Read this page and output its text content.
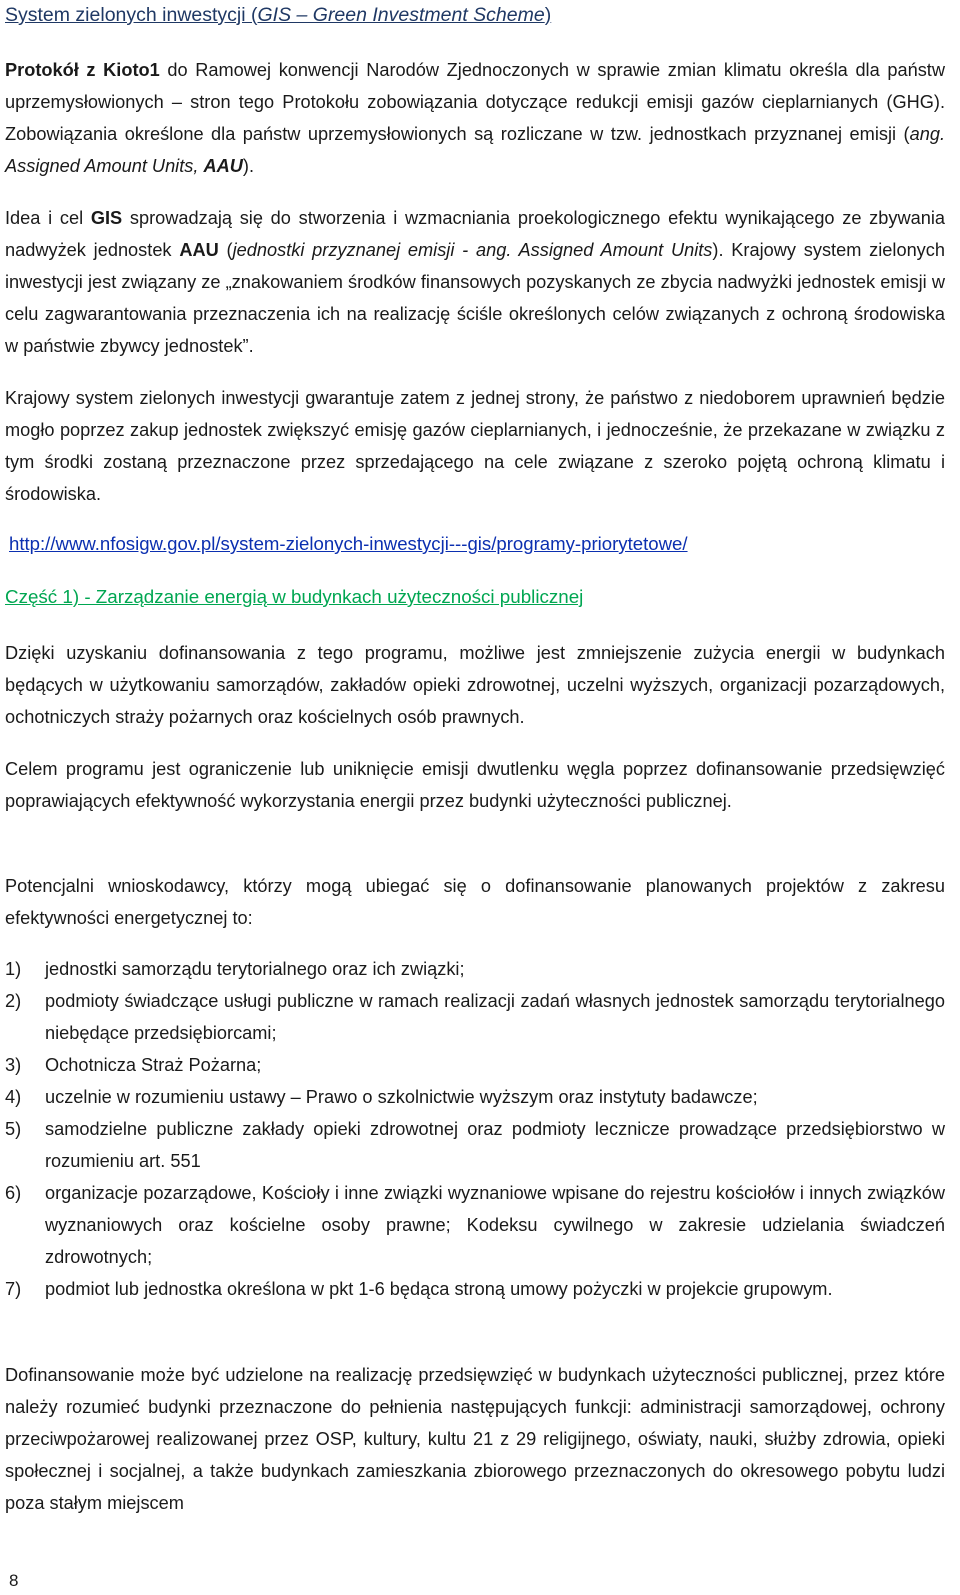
System zielonych inwestycji (GIS – Green Investment Scheme)

Protokół z Kioto1 do Ramowej konwencji Narodów Zjednoczonych w sprawie zmian klimatu określa dla państw uprzemysłowionych – stron tego Protokołu zobowiązania dotyczące redukcji emisji gazów cieplarnianych (GHG). Zobowiązania określone dla państw uprzemysłowionych są rozliczane w tzw. jednostkach przyznanej emisji (ang. Assigned Amount Units, AAU).

Idea i cel GIS sprowadzają się do stworzenia i wzmacniania proekologicznego efektu wynikającego ze zbywania nadwyżek jednostek AAU (jednostki przyznanej emisji - ang. Assigned Amount Units). Krajowy system zielonych inwestycji jest związany ze „znakowaniem środków finansowych pozyskanych ze zbycia nadwyżki jednostek emisji w celu zagwarantowania przeznaczenia ich na realizację ściśle określonych celów związanych z ochroną środowiska w państwie zbywcy jednostek”.

Krajowy system zielonych inwestycji gwarantuje zatem z jednej strony, że państwo z niedoborem uprawnień będzie mogło poprzez zakup jednostek zwiększyć emisję gazów cieplarnianych, i jednocześnie, że przekazane w związku z tym środki zostaną przeznaczone przez sprzedającego na cele związane z szeroko pojętą ochroną klimatu i środowiska.

http://www.nfosigw.gov.pl/system-zielonych-inwestycji---gis/programy-priorytetowe/
Część 1) - Zarządzanie energią w budynkach użyteczności publicznej

Dzięki uzyskaniu dofinansowania z tego programu, możliwe jest zmniejszenie zużycia energii w budynkach będących w użytkowaniu samorządów, zakładów opieki zdrowotnej, uczelni wyższych, organizacji pozarządowych, ochotniczych straży pożarnych oraz kościelnych osób prawnych.

Celem programu jest ograniczenie lub uniknięcie emisji dwutlenku węgla poprzez dofinansowanie przedsięwzięć poprawiających efektywność wykorzystania energii przez budynki użyteczności publicznej.

Potencjalni wnioskodawcy, którzy mogą ubiegać się o dofinansowanie planowanych projektów z zakresu efektywności energetycznej to:

1) jednostki samorządu terytorialnego oraz ich związki;
2) podmioty świadczące usługi publiczne w ramach realizacji zadań własnych jednostek samorządu terytorialnego niebędące przedsiębiorcami;
3) Ochotnicza Straż Pożarna;
4) uczelnie w rozumieniu ustawy – Prawo o szkolnictwie wyższym oraz instytuty badawcze;
5) samodzielne publiczne zakłady opieki zdrowotnej oraz podmioty lecznicze prowadzące przedsiębiorstwo w rozumieniu art. 551
6) organizacje pozarządowe, Kościoły i inne związki wyznaniowe wpisane do rejestru kościołów i innych związków wyznaniowych oraz kościelne osoby prawne; Kodeksu cywilnego w zakresie udzielania świadczeń zdrowotnych;
7) podmiot lub jednostka określona w pkt 1-6 będąca stroną umowy pożyczki w projekcie grupowym.

Dofinansowanie może być udzielone na realizację przedsięwzięć w budynkach użyteczności publicznej, przez które należy rozumieć budynki przeznaczone do pełnienia następujących funkcji: administracji samorządowej, ochrony przeciwpożarowej realizowanej przez OSP, kultury, kultu 21 z 29 religijnego, oświaty, nauki, służby zdrowia, opieki społecznej i socjalnej, a także budynkach zamieszkania zbiorowego przeznaczonych do okresowego pobytu ludzi poza stałym miejscem

8
